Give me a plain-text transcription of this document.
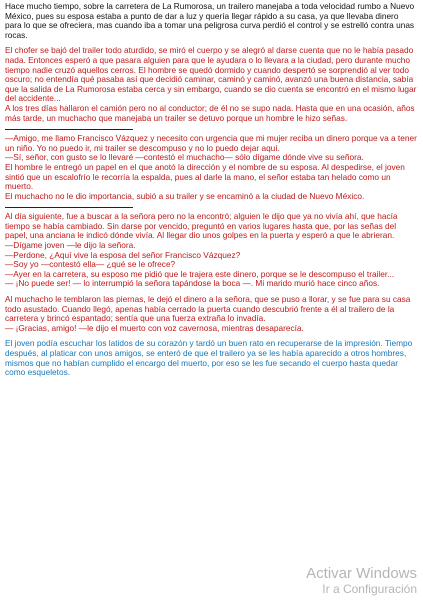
Hace mucho tiempo, sobre la carretera de La Rumorosa, un trailero manejaba a toda velocidad rumbo a Nuevo México, pues su esposa estaba a punto de dar a luz y quería llegar rápido a su casa, ya que llevaba dinero para lo que se ofreciera, mas cuando iba a tomar una peligrosa curva perdió el control y se estrelló contra unas rocas.

El chofer se bajó del trailer todo aturdido, se miró el cuerpo y se alegró al darse cuenta que no le había pasado nada. Entonces esperó a que pasara alguien para que le ayudara o lo llevara a la ciudad, pero durante mucho tiempo nadie cruzó aquellos cerros. El hombre se quedó dormido y cuando despertó se sorprendió al ver todo oscuro; no entendía qué pasaba así que decidió caminar, caminó y caminó, avanzó una buena distancia, sabía que la salida de La Rumorosa estaba cerca y sin embargo, cuando se dio cuenta se encontró en el mismo lugar del accidente...
A los tres días hallaron el camión pero no al conductor; de él no se supo nada. Hasta que en una ocasión, años más tarde, un muchacho que manejaba un trailer se detuvo porque un hombre le hizo señas.

—Amigo, me llamo Francisco Vázquez y necesito con urgencia que mi mujer reciba un dinero porque va a tener un niño. Yo no puedo ir, mi trailer se descompuso y no lo puedo dejar aquí.
—Sí, señor, con gusto se lo llevaré —contestó el muchacho— sólo dígame dónde vive su señora.
El hombre le entregó un papel en el que anotó la dirección y el nombre de su esposa. Al despedirse, el joven sintió que un escalofrío le recorría la espalda, pues al darle la mano, el señor estaba tan helado como un muerto.
El muchacho no le dio importancia, subió a su trailer y se encaminó a la ciudad de Nuevo México.

Al día siguiente, fue a buscar a la señora pero no la encontró; alguien le dijo que ya no vivía ahí, que hacía tiempo se había cambiado. Sin darse por vencido, preguntó en varios lugares hasta que, por las señas del papel, una anciana le indicó dónde vivía. Al llegar dio unos golpes en la puerta y esperó a que le abrieran.
—Dígame joven —le dijo la señora.
—Perdone, ¿Aquí vive la esposa del señor Francisco Vázquez?
—Soy yo —contestó ella— ¿qué se le ofrece?
—Ayer en la carretera, su esposo me pidió que le trajera este dinero, porque se le descompuso el trailer...
— ¡No puede ser! — lo interrumpió la señora tapándose la boca —. Mi marido murió hace cinco años.

Al muchacho le temblaron las piernas, le dejó el dinero a la señora, que se puso a llorar, y se fue para su casa todo asustado. Cuando llegó, apenas había cerrado la puerta cuando descubrió frente a él al trailero de la carretera y brincó espantado; sentía que una fuerza extraña lo invadía.
— ¡Gracias, amigo! —le dijo el muerto con voz cavernosa, mientras desaparecía.

El joven podía escuchar los latidos de su corazón y tardó un buen rato en recuperarse de la impresión. Tiempo después, al platicar con unos amigos, se enteró de que el trailero ya se les había aparecido a otros hombres, mismos que no habían cumplido el encargo del muerto, por eso se les fue secando el cuerpo hasta quedar como esqueletos.

Activar Windows
Ir a Configuración
